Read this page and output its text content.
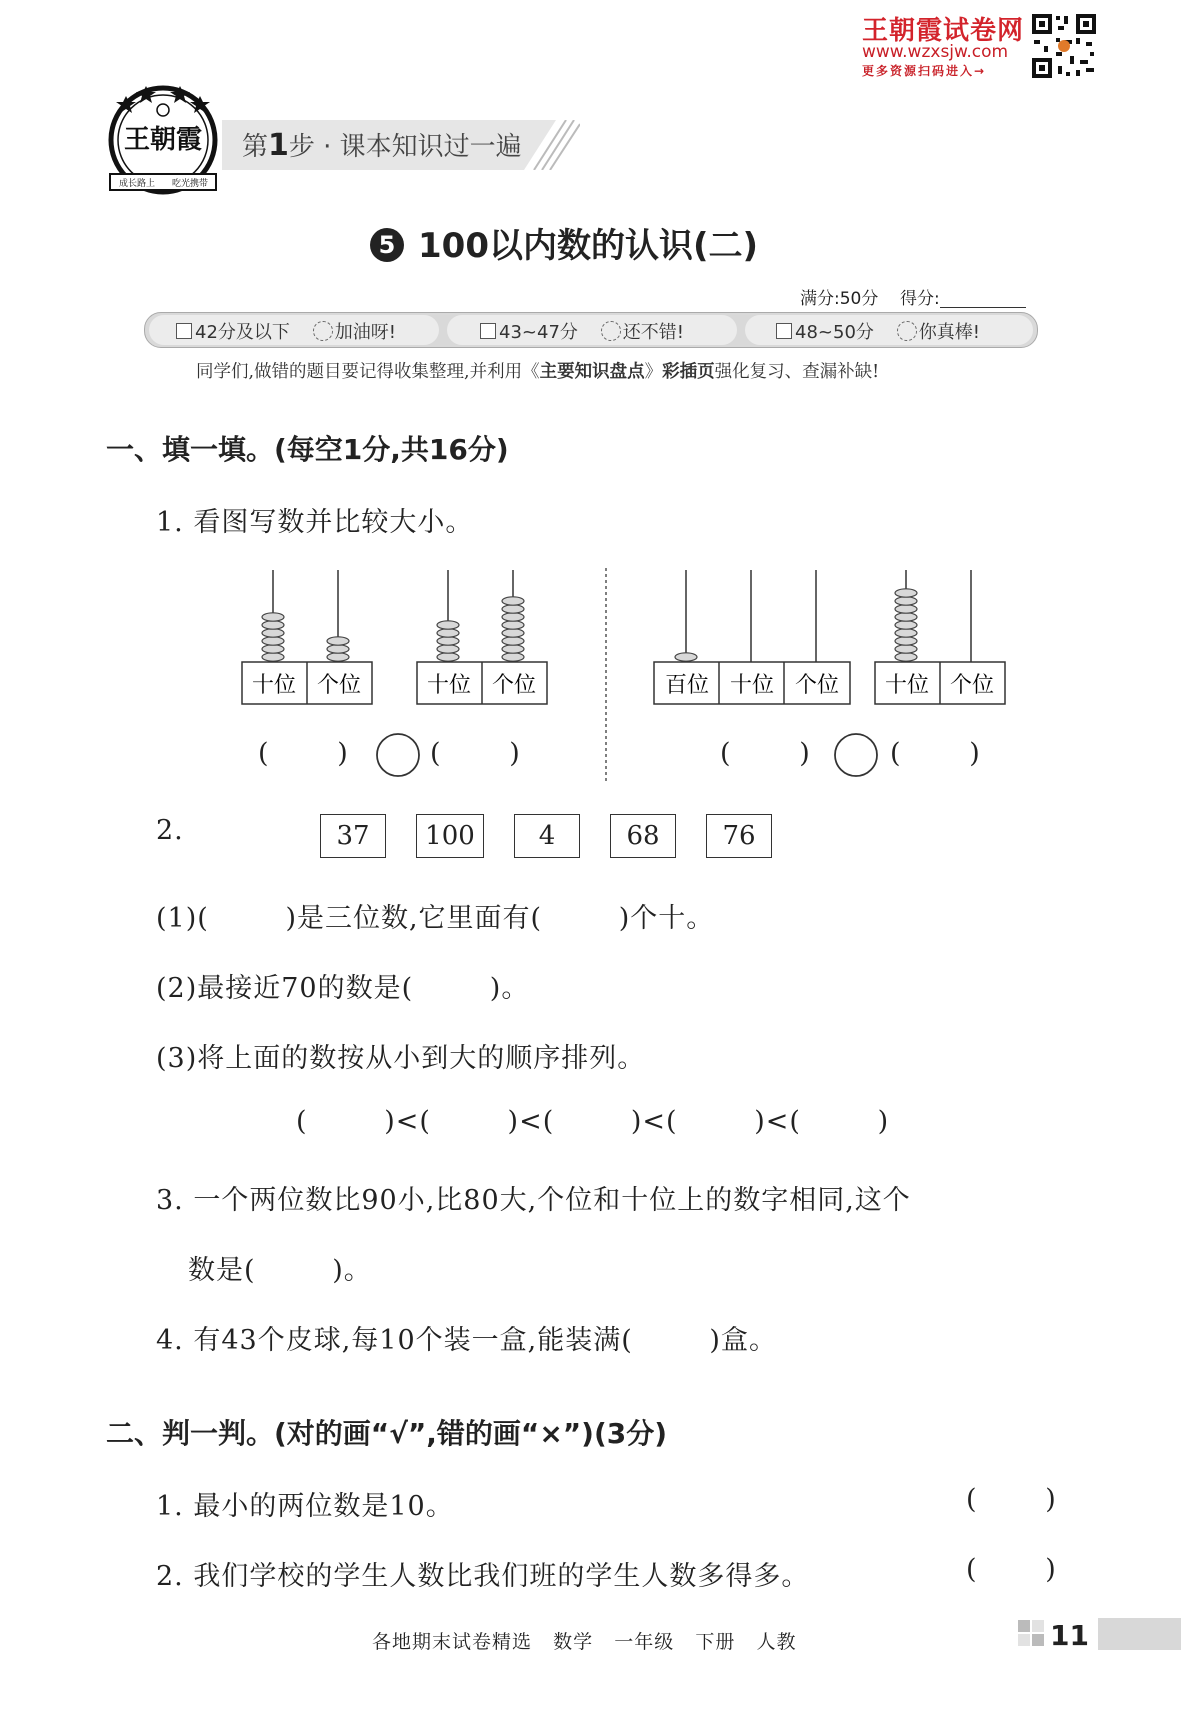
王朝霞试卷网
www.wzxsjw.com
更多资源扫码进入→
王朝霞
成长路上 吃光携带
第1步 · 课本知识过一遍
5 100以内数的认识(二)
满分:50分 得分:
42分及以下 加油呀!	43~47分 还不错!	48~50分 你真棒!
同学们,做错的题目要记得收集整理,并利用《主要知识盘点》彩插页强化复习、查漏补缺!
一、填一填。(每空1分,共16分)
1. 看图写数并比较大小。
十位 个位	十位 个位	百位 十位 个位 十位 个位
(        )	(        )	(        )	(        )
2.	37	100	4	68	76
(1)(        )是三位数,它里面有(        )个十。
(2)最接近70的数是(        )。
(3)将上面的数按从小到大的顺序排列。
(        )<(        )<(        )<(        )<(        )
3. 一个两位数比90小,比80大,个位和十位上的数字相同,这个
数是(        )。
4. 有43个皮球,每10个装一盒,能装满(        )盒。
二、判一判。(对的画“√”,错的画“×”)(3分)
1. 最小的两位数是10。	(        )
2. 我们学校的学生人数比我们班的学生人数多得多。	(        )
各地期末试卷精选   数学   一年级   下册   人教	11
